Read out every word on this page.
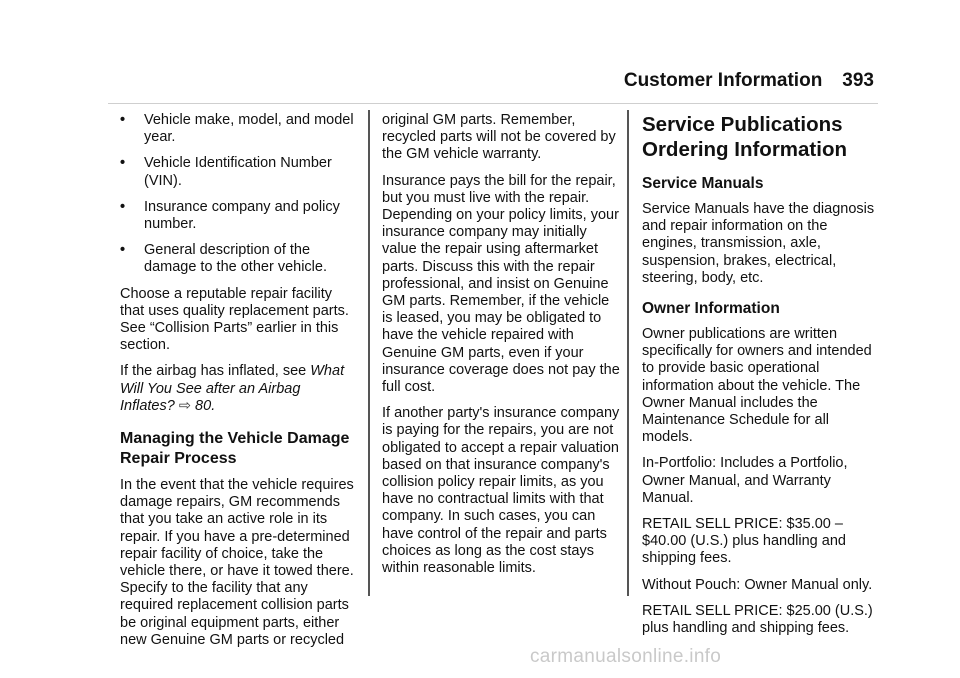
Customer Information 393
•	Vehicle make, model, and model year.
•	Vehicle Identification Number (VIN).
•	Insurance company and policy number.
•	General description of the damage to the other vehicle.

Choose a reputable repair facility that uses quality replacement parts. See “Collision Parts” earlier in this section.

If the airbag has inflated, see What Will You See after an Airbag Inflates? ⇨ 80.

Managing the Vehicle Damage Repair Process

In the event that the vehicle requires damage repairs, GM recommends that you take an active role in its repair. If you have a pre-determined repair facility of choice, take the vehicle there, or have it towed there. Specify to the facility that any required replacement collision parts be original equipment parts, either new Genuine GM parts or recycled

original GM parts. Remember, recycled parts will not be covered by the GM vehicle warranty.

Insurance pays the bill for the repair, but you must live with the repair. Depending on your policy limits, your insurance company may initially value the repair using aftermarket parts. Discuss this with the repair professional, and insist on Genuine GM parts. Remember, if the vehicle is leased, you may be obligated to have the vehicle repaired with Genuine GM parts, even if your insurance coverage does not pay the full cost.

If another party's insurance company is paying for the repairs, you are not obligated to accept a repair valuation based on that insurance company's collision policy repair limits, as you have no contractual limits with that company. In such cases, you can have control of the repair and parts choices as long as the cost stays within reasonable limits.

Service Publications Ordering Information
Service Manuals

Service Manuals have the diagnosis and repair information on the engines, transmission, axle, suspension, brakes, electrical, steering, body, etc.

Owner Information

Owner publications are written specifically for owners and intended to provide basic operational information about the vehicle. The Owner Manual includes the Maintenance Schedule for all models.

In-Portfolio: Includes a Portfolio, Owner Manual, and Warranty Manual.

RETAIL SELL PRICE: $35.00 – $40.00 (U.S.) plus handling and shipping fees.

Without Pouch: Owner Manual only.

RETAIL SELL PRICE: $25.00 (U.S.) plus handling and shipping fees.

carmanualsonline.info
